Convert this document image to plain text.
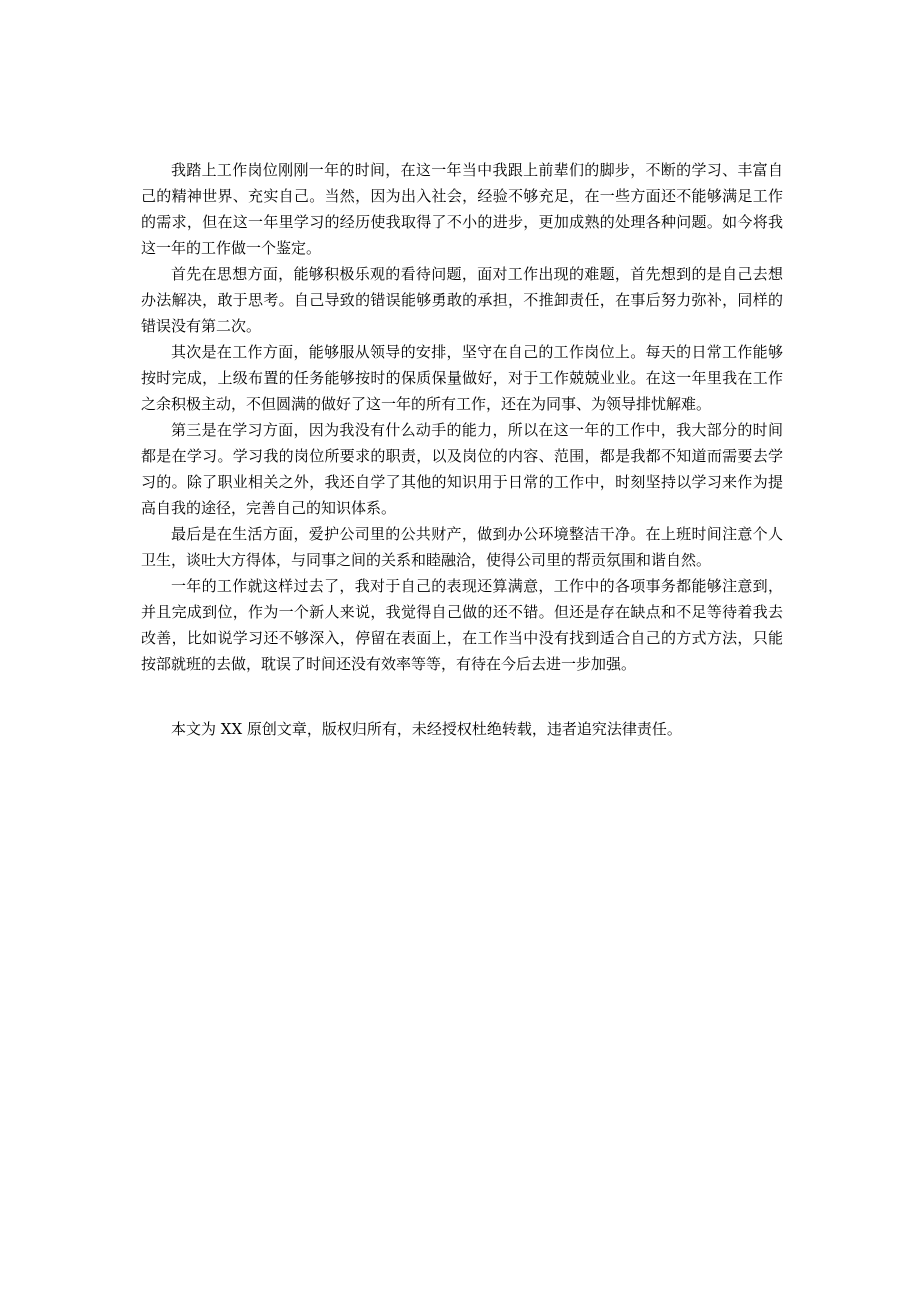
我踏上工作岗位刚刚一年的时间，在这一年当中我跟上前辈们的脚步，不断的学习、丰富自己的精神世界、充实自己。当然，因为出入社会，经验不够充足，在一些方面还不能够满足工作的需求，但在这一年里学习的经历使我取得了不小的进步，更加成熟的处理各种问题。如今将我这一年的工作做一个鉴定。

首先在思想方面，能够积极乐观的看待问题，面对工作出现的难题，首先想到的是自己去想办法解决，敢于思考。自己导致的错误能够勇敢的承担，不推卸责任，在事后努力弥补，同样的错误没有第二次。

其次是在工作方面，能够服从领导的安排，坚守在自己的工作岗位上。每天的日常工作能够按时完成，上级布置的任务能够按时的保质保量做好，对于工作兢兢业业。在这一年里我在工作之余积极主动，不但圆满的做好了这一年的所有工作，还在为同事、为领导排忧解难。

第三是在学习方面，因为我没有什么动手的能力，所以在这一年的工作中，我大部分的时间都是在学习。学习我的岗位所要求的职责，以及岗位的内容、范围，都是我都不知道而需要去学习的。除了职业相关之外，我还自学了其他的知识用于日常的工作中，时刻坚持以学习来作为提高自我的途径，完善自己的知识体系。

最后是在生活方面，爱护公司里的公共财产，做到办公环境整洁干净。在上班时间注意个人卫生，谈吐大方得体，与同事之间的关系和睦融洽，使得公司里的帮贡氛围和谐自然。

一年的工作就这样过去了，我对于自己的表现还算满意，工作中的各项事务都能够注意到，并且完成到位，作为一个新人来说，我觉得自己做的还不错。但还是存在缺点和不足等待着我去改善，比如说学习还不够深入，停留在表面上，在工作当中没有找到适合自己的方式方法，只能按部就班的去做，耽误了时间还没有效率等等，有待在今后去进一步加强。

本文为 XX 原创文章，版权归所有，未经授权杜绝转载，违者追究法律责任。
